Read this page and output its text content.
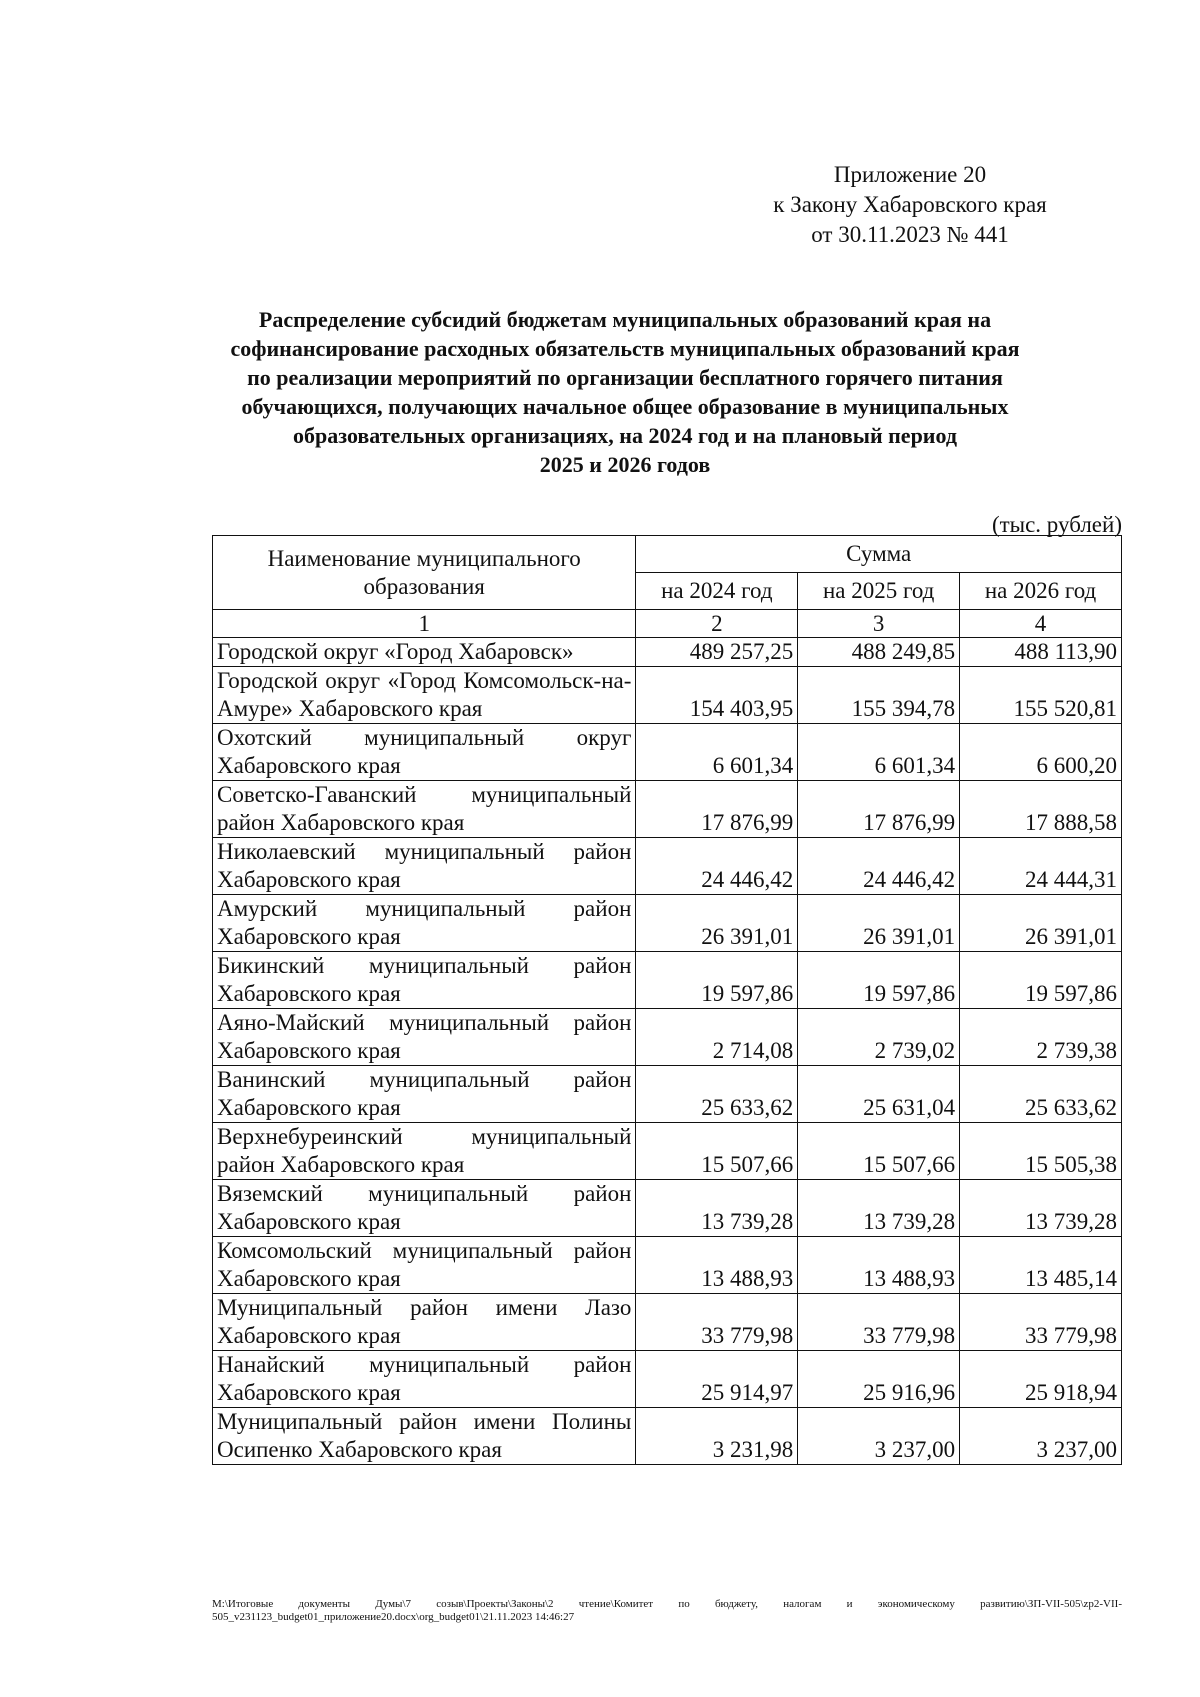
Приложение 20
к Закону Хабаровского края
от 30.11.2023 № 441
Распределение субсидий бюджетам муниципальных образований края на
софинансирование расходных обязательств муниципальных образований края
по реализации мероприятий по организации бесплатного горячего питания
обучающихся, получающих начальное общее образование в муниципальных
образовательных организациях, на 2024 год и на плановый период
2025 и 2026 годов
(тыс. рублей)
Наименование муниципального образования	Сумма		
	на 2024 год	на 2025 год	на 2026 год
1	2	3	4
Городской округ «Город Хабаровск»	489 257,25	488 249,85	488 113,90
Городской округ «Город Комсомольск-на-Амуре» Хабаровского края	154 403,95	155 394,78	155 520,81
Охотский муниципальный округ Хабаровского края	6 601,34	6 601,34	6 600,20
Советско-Гаванский муниципальный район Хабаровского края	17 876,99	17 876,99	17 888,58
Николаевский муниципальный район Хабаровского края	24 446,42	24 446,42	24 444,31
Амурский муниципальный район Хабаровского края	26 391,01	26 391,01	26 391,01
Бикинский муниципальный район Хабаровского края	19 597,86	19 597,86	19 597,86
Аяно-Майский муниципальный район Хабаровского края	2 714,08	2 739,02	2 739,38
Ванинский муниципальный район Хабаровского края	25 633,62	25 631,04	25 633,62
Верхнебуреинский муниципальный район Хабаровского края	15 507,66	15 507,66	15 505,38
Вяземский муниципальный район Хабаровского края	13 739,28	13 739,28	13 739,28
Комсомольский муниципальный район Хабаровского края	13 488,93	13 488,93	13 485,14
Муниципальный район имени Лазо Хабаровского края	33 779,98	33 779,98	33 779,98
Нанайский муниципальный район Хабаровского края	25 914,97	25 916,96	25 918,94
Муниципальный район имени Полины Осипенко Хабаровского края	3 231,98	3 237,00	3 237,00
M:\Итоговые документы Думы\7 созыв\Проекты\Законы\2 чтение\Комитет по бюджету, налогам и экономическому развитию\ЗП-VII-505\zp2-VII-505_v231123_budget01_приложение20.docx\org_budget01\21.11.2023 14:46:27
